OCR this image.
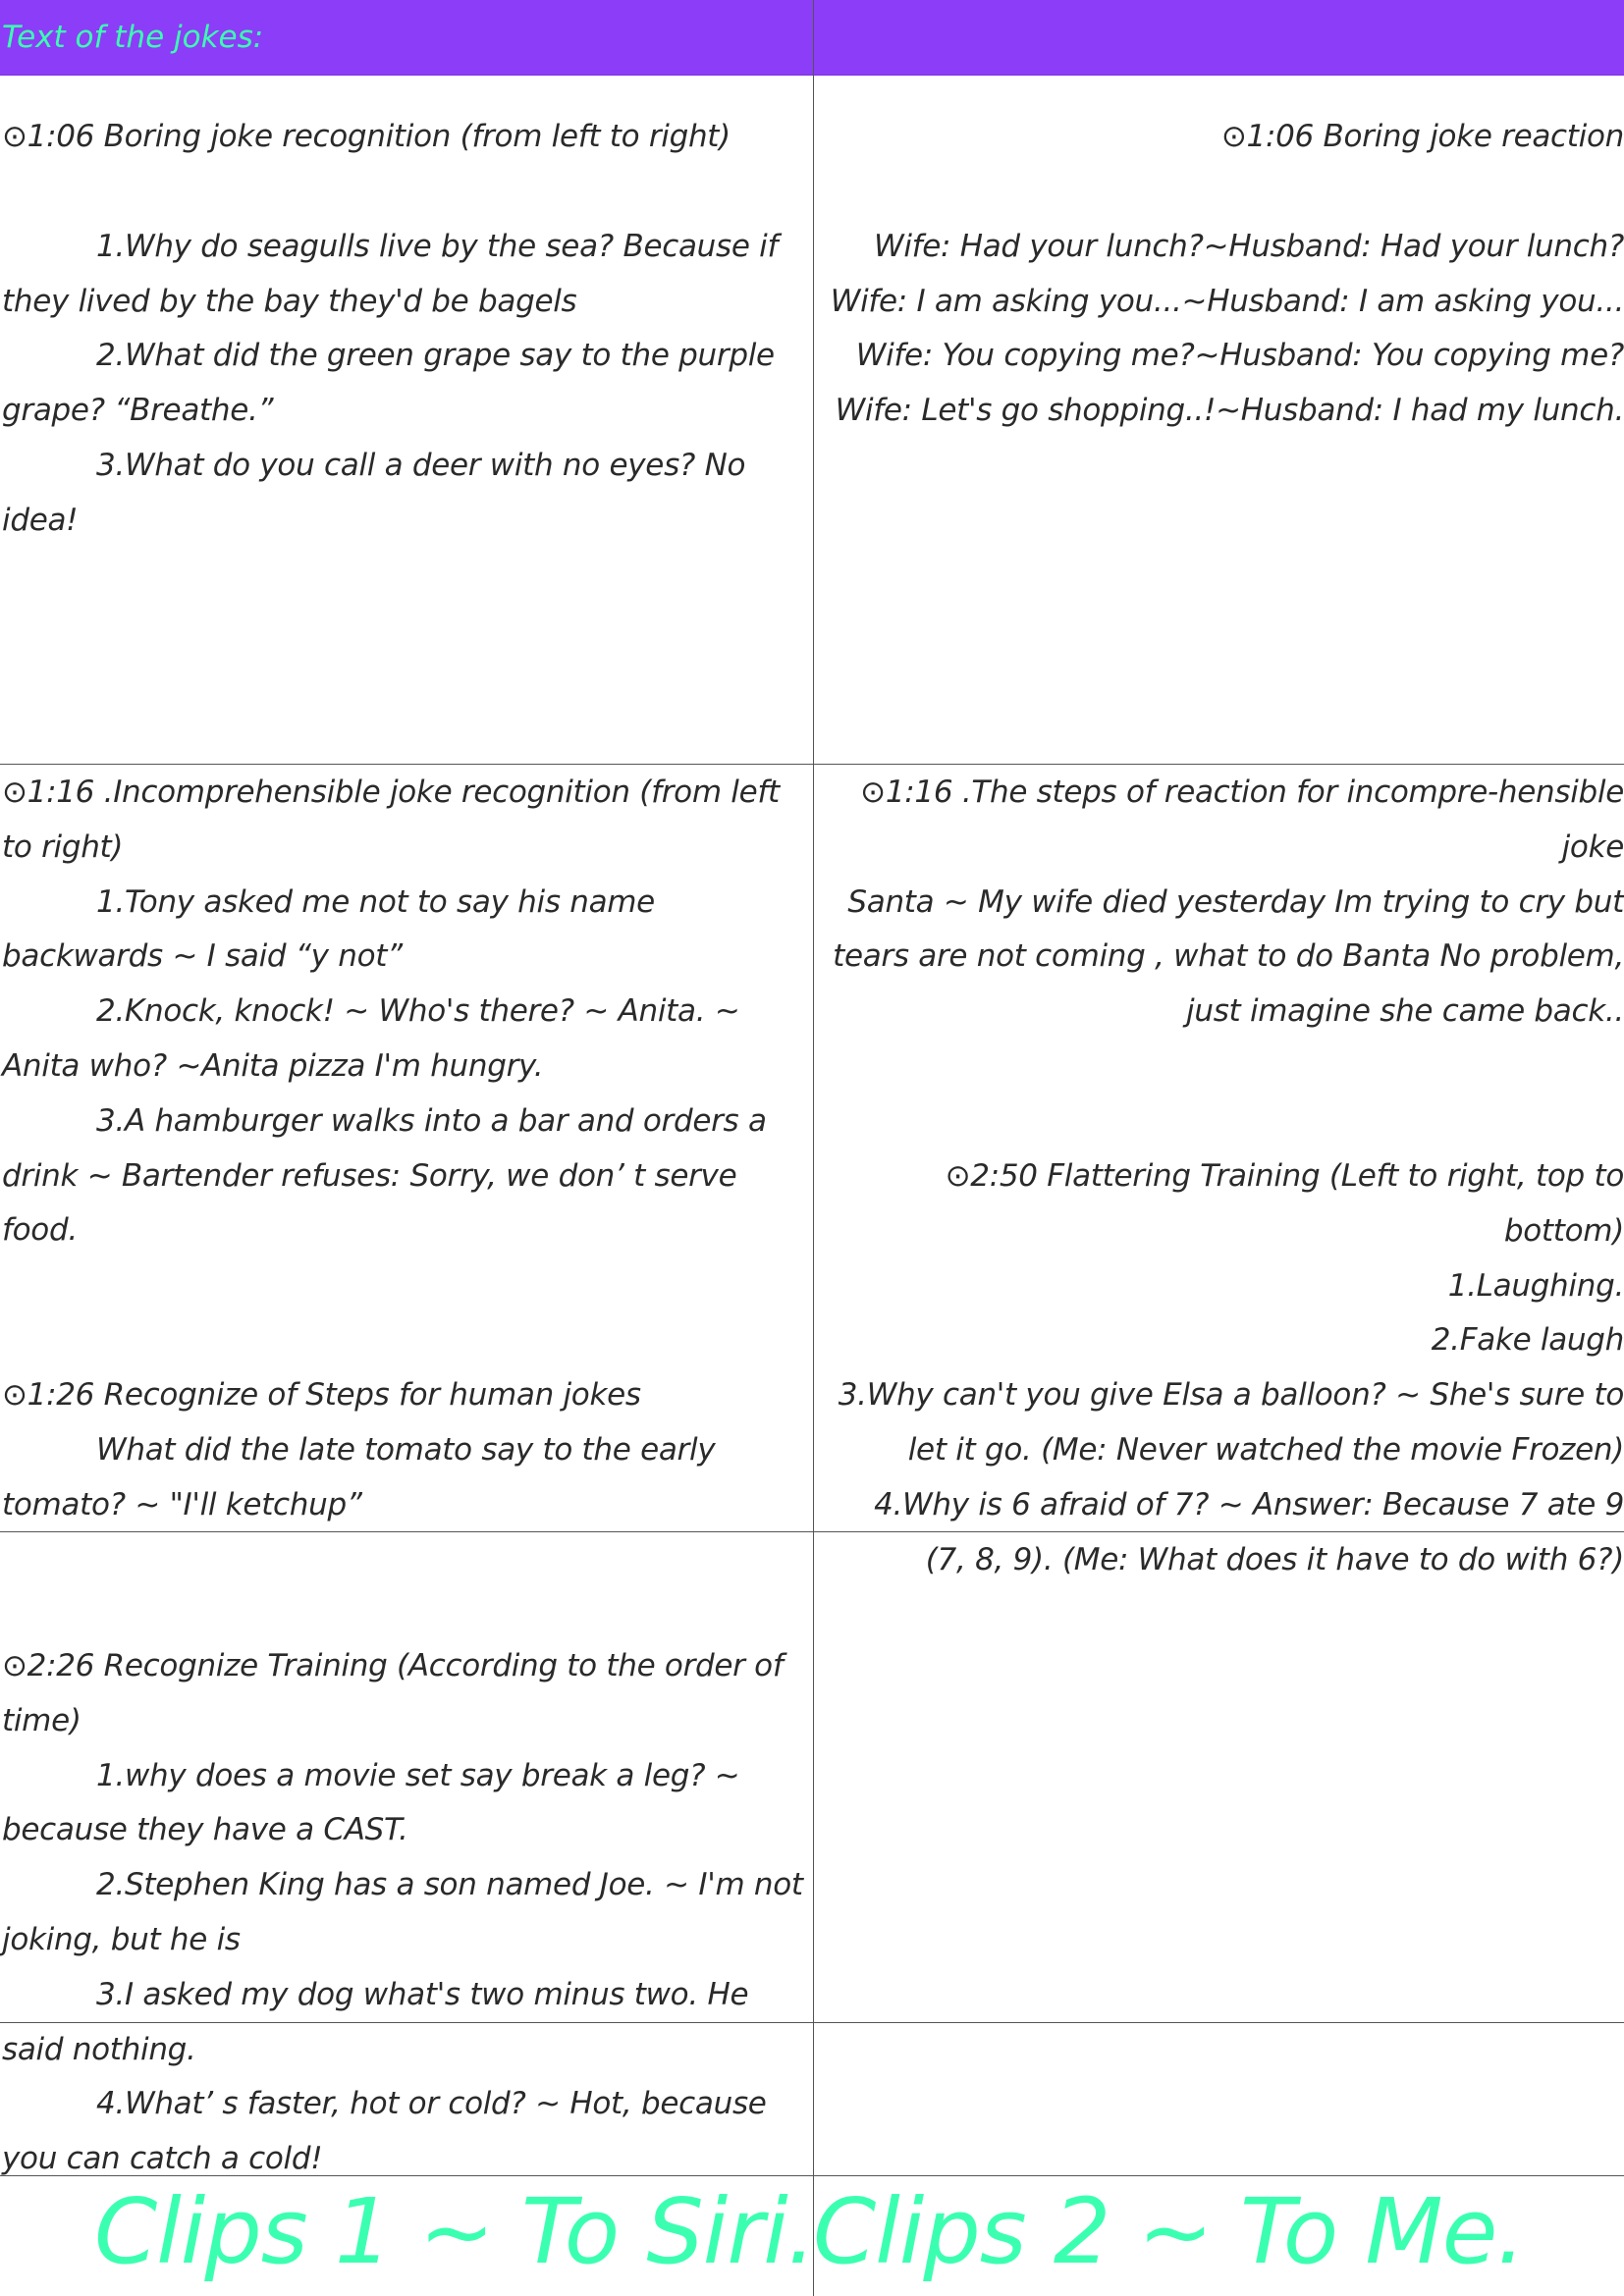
Text of the jokes:

⊙1:06 Boring joke recognition (from left to right)

1.Why do seagulls live by the sea? Because if they lived by the bay they'd be bagels

2.What did the green grape say to the purple grape? “Breathe.”

3.What do you call a deer with no eyes? No idea!

⊙1:06 Boring joke reaction

Wife: Had your lunch?~Husband: Had your lunch?

Wife: I am asking you...~Husband: I am asking you...

Wife: You copying me?~Husband: You copying me?

Wife: Let's go shopping..!~Husband: I had my lunch.

⊙1:16 .Incomprehensible joke recognition (from left to right)

1.Tony asked me not to say his name backwards ~ I said “y not”

2.Knock, knock! ~ Who's there? ~ Anita. ~ Anita who? ~Anita pizza I'm hungry.

3.A hamburger walks into a bar and orders a drink ~ Bartender refuses: Sorry, we don’ t serve food.

⊙1:26 Recognize of Steps for human jokes

What did the late tomato say to the early tomato? ~ "I'll ketchup”

⊙1:16 .The steps of reaction for incompre-hensible joke

Santa ~ My wife died yesterday Im trying to cry but tears are not coming , what to do Banta No problem, just imagine she came back..

⊙2:50 Flattering Training (Left to right, top to bottom)

1.Laughing.

2.Fake laugh

3.Why can't you give Elsa a balloon? ~ She's sure to let it go. (Me: Never watched the movie Frozen)

4.Why is 6 afraid of 7? ~ Answer: Because 7 ate 9 (7, 8, 9). (Me: What does it have to do with 6?)

⊙2:26 Recognize Training (According to the order of time)

1.why does a movie set say break a leg? ~ because they have a CAST.

2.Stephen King has a son named Joe. ~ I'm not joking, but he is

3.I asked my dog what's two minus two. He said nothing.

4.What’ s faster, hot or cold? ~ Hot, because you can catch a cold!

Clips 1 ~ To Siri.
Clips 2 ~ To Me.
